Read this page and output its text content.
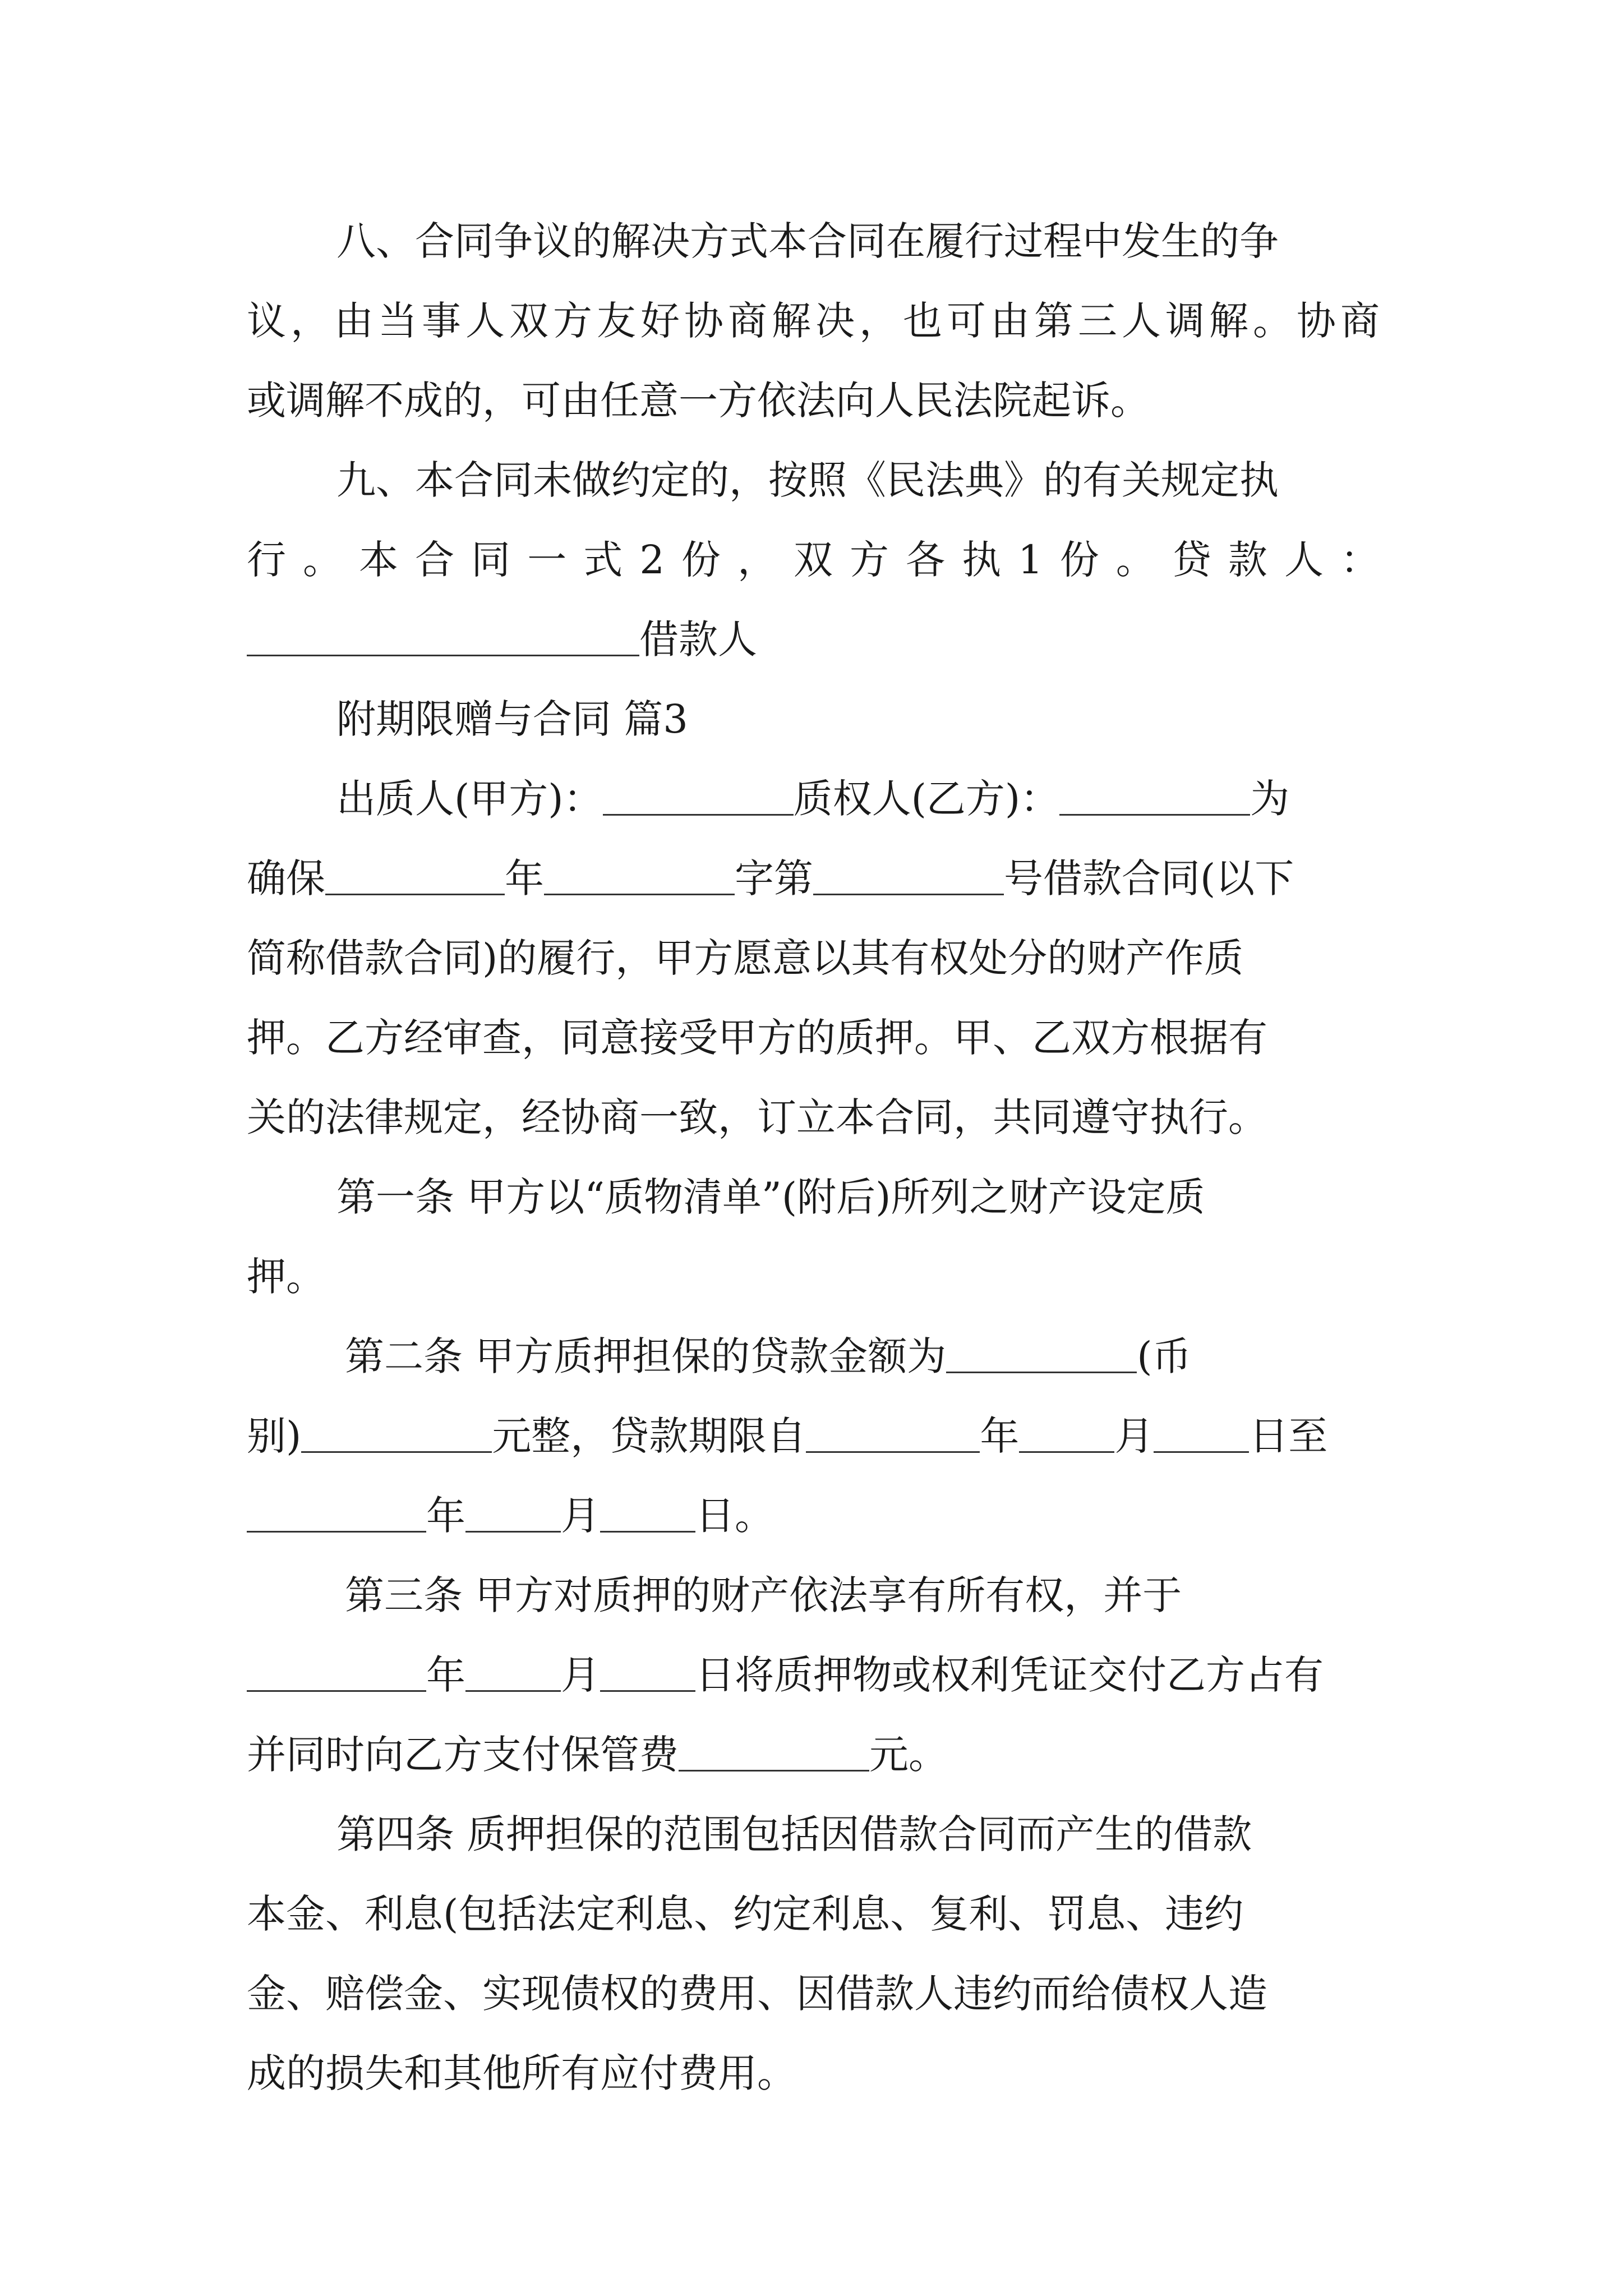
八、合同争议的解决方式本合同在履行过程中发生的争
议，由当事人双方友好协商解决，也可由第三人调解。协商
或调解不成的，可由任意一方依法向人民法院起诉。
九、本合同未做约定的，按照《民法典》的有关规定执
行。本合同一式2份，双方各执1份。贷款人：
借款人
附期限赠与合同 篇3
出质人(甲方)：	质权人(乙方)：	为
确保	年	字第	号借款合同(以下
简称借款合同)的履行，甲方愿意以其有权处分的财产作质
押。乙方经审查，同意接受甲方的质押。甲、乙双方根据有
关的法律规定，经协商一致，订立本合同，共同遵守执行。
第一条 甲方以“质物清单”(附后)所列之财产设定质
押。
第二条 甲方质押担保的贷款金额为	(币
别)	元整，贷款期限自	年 月 日至
年 月 日。
第三条 甲方对质押的财产依法享有所有权，并于
年 月 日将质押物或权利凭证交付乙方占有
并同时向乙方支付保管费	元。
第四条 质押担保的范围包括因借款合同而产生的借款
本金、利息(包括法定利息、约定利息、复利、罚息、违约
金、赔偿金、实现债权的费用、因借款人违约而给债权人造
成的损失和其他所有应付费用。
